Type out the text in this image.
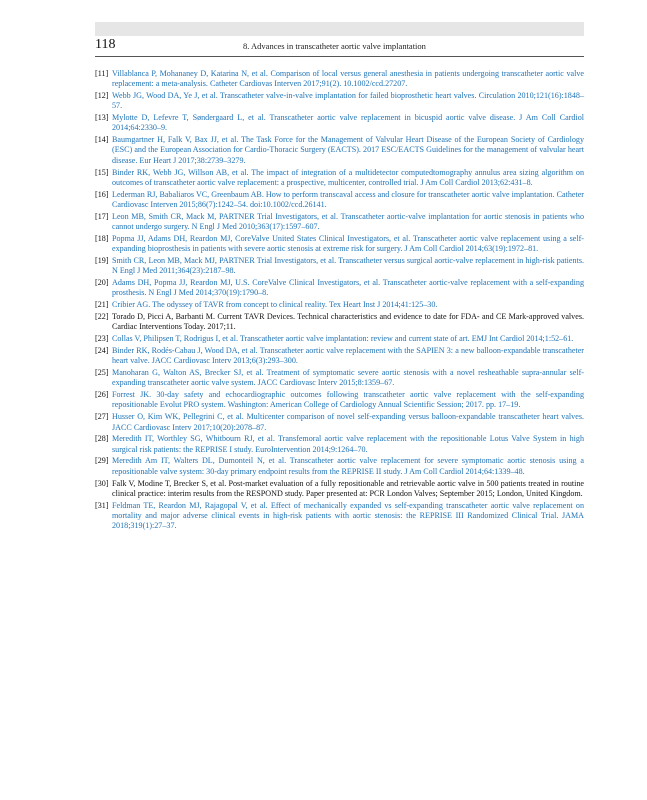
118	8. Advances in transcatheter aortic valve implantation
[11] Villablanca P, Mohananey D, Katarina N, et al. Comparison of local versus general anesthesia in patients undergoing transcatheter aortic valve replacement: a meta-analysis. Catheter Cardiovas Interven 2017;91(2). 10.1002/ccd.27207.
[12] Webb JG, Wood DA, Ye J, et al. Transcatheter valve-in-valve implantation for failed bioprosthetic heart valves. Circulation 2010;121(16):1848–57.
[13] Mylotte D, Lefevre T, Søndergaard L, et al. Transcatheter aortic valve replacement in bicuspid aortic valve disease. J Am Coll Cardiol 2014;64:2330–9.
[14] Baumgartner H, Falk V, Bax JJ, et al. The Task Force for the Management of Valvular Heart Disease of the European Society of Cardiology (ESC) and the European Association for Cardio-Thoracic Surgery (EACTS). 2017 ESC/EACTS Guidelines for the management of valvular heart disease. Eur Heart J 2017;38:2739–3279.
[15] Binder RK, Webb JG, Willson AB, et al. The impact of integration of a multidetector computedtomography annulus area sizing algorithm on outcomes of transcatheter aortic valve replacement: a prospective, multicenter, controlled trial. J Am Coll Cardiol 2013;62:431–8.
[16] Lederman RJ, Babaliaros VC, Greenbaum AB. How to perform transcaval access and closure for transcatheter aortic valve implantation. Catheter Cardiovasc Interven 2015;86(7):1242–54. doi:10.1002/ccd.26141.
[17] Leon MB, Smith CR, Mack M, PARTNER Trial Investigators, et al. Transcatheter aortic-valve implantation for aortic stenosis in patients who cannot undergo surgery. N Engl J Med 2010;363(17):1597–607.
[18] Popma JJ, Adams DH, Reardon MJ, CoreValve United States Clinical Investigators, et al. Transcatheter aortic valve replacement using a self-expanding bioprosthesis in patients with severe aortic stenosis at extreme risk for surgery. J Am Coll Cardiol 2014;63(19):1972–81.
[19] Smith CR, Leon MB, Mack MJ, PARTNER Trial Investigators, et al. Transcatheter versus surgical aortic-valve replacement in high-risk patients. N Engl J Med 2011;364(23):2187–98.
[20] Adams DH, Popma JJ, Reardon MJ, U.S. CoreValve Clinical Investigators, et al. Transcatheter aortic-valve replacement with a self-expanding prosthesis. N Engl J Med 2014;370(19):1790–8.
[21] Cribier AG. The odyssey of TAVR from concept to clinical reality. Tex Heart Inst J 2014;41:125–30.
[22] Torado D, Picci A, Barbanti M. Current TAVR Devices. Technical characteristics and evidence to date for FDA- and CE Mark-approved valves. Cardiac Interventions Today. 2017;11.
[23] Collas V, Philipsen T, Rodrigus I, et al. Transcatheter aortic valve implantation: review and current state of art. EMJ Int Cardiol 2014;1:52–61.
[24] Binder RK, Rodés-Cabau J, Wood DA, et al. Transcatheter aortic valve replacement with the SAPIEN 3: a new balloon-expandable transcatheter heart valve. JACC Cardiovasc Interv 2013;6(3):293–300.
[25] Manoharan G, Walton AS, Brecker SJ, et al. Treatment of symptomatic severe aortic stenosis with a novel resheathable supra-annular self-expanding transcatheter aortic valve system. JACC Cardiovasc Interv 2015;8:1359–67.
[26] Forrest JK. 30-day safety and echocardiographic outcomes following transcatheter aortic valve replacement with the self-expanding repositionable Evolut PRO system. Washington: American College of Cardiology Annual Scientific Session; 2017. pp. 17–19.
[27] Husser O, Kim WK, Pellegrini C, et al. Multicenter comparison of novel self-expanding versus balloon-expandable transcatheter heart valves. JACC Cardiovasc Interv 2017;10(20):2078–87.
[28] Meredith IT, Worthley SG, Whitbourn RJ, et al. Transfemoral aortic valve replacement with the repositionable Lotus Valve System in high surgical risk patients: the REPRISE I study. EuroIntervention 2014;9:1264–70.
[29] Meredith Am IT, Walters DL, Dumonteil N, et al. Transcatheter aortic valve replacement for severe symptomatic aortic stenosis using a repositionable valve system: 30-day primary endpoint results from the REPRISE II study. J Am Coll Cardiol 2014;64:1339–48.
[30] Falk V, Modine T, Brecker S, et al. Post-market evaluation of a fully repositionable and retrievable aortic valve in 500 patients treated in routine clinical practice: interim results from the RESPOND study. Paper presented at: PCR London Valves; September 2015; London, United Kingdom.
[31] Feldman TE, Reardon MJ, Rajagopal V, et al. Effect of mechanically expanded vs self-expanding transcatheter aortic valve replacement on mortality and major adverse clinical events in high-risk patients with aortic stenosis: the REPRISE III Randomized Clinical Trial. JAMA 2018;319(1):27–37.
